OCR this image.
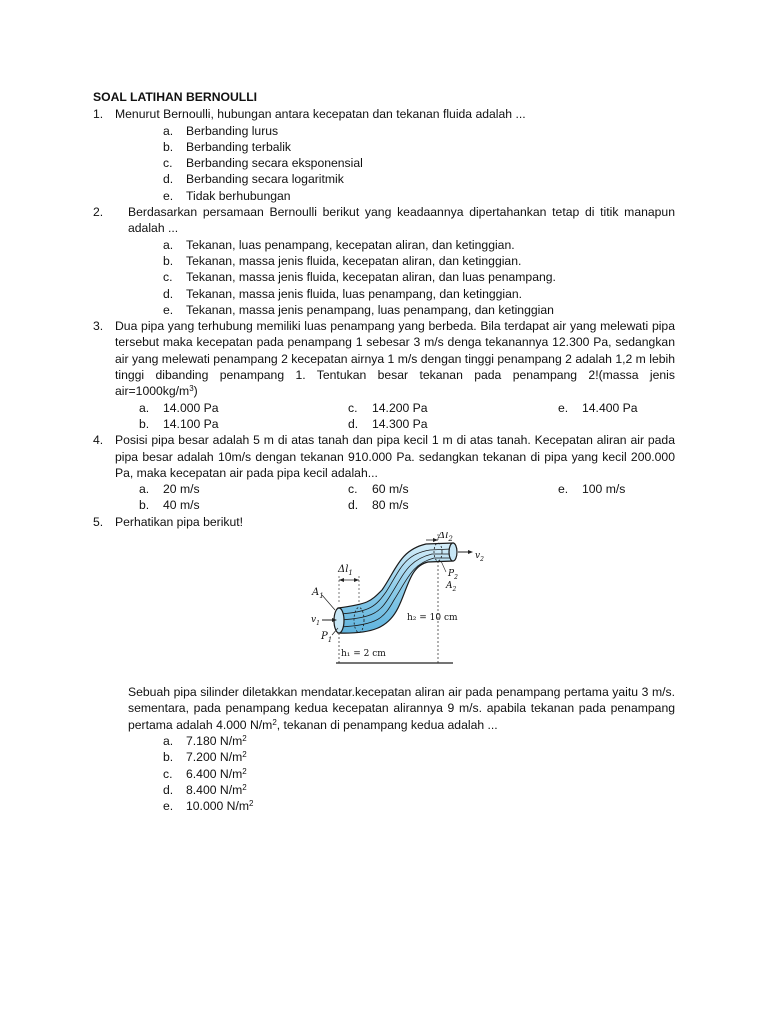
SOAL LATIHAN BERNOULLI
1. Menurut Bernoulli, hubungan antara kecepatan dan tekanan fluida adalah ...
a. Berbanding lurus
b. Berbanding terbalik
c. Berbanding secara eksponensial
d. Berbanding secara logaritmik
e. Tidak berhubungan
2. Berdasarkan persamaan Bernoulli berikut yang keadaannya dipertahankan tetap di titik manapun adalah ...
a. Tekanan, luas penampang, kecepatan aliran, dan ketinggian.
b. Tekanan, massa jenis fluida, kecepatan aliran, dan ketinggian.
c. Tekanan, massa jenis fluida, kecepatan aliran, dan luas penampang.
d. Tekanan, massa jenis fluida, luas penampang, dan ketinggian.
e. Tekanan, massa jenis penampang, luas penampang, dan ketinggian
3. Dua pipa yang terhubung memiliki luas penampang yang berbeda. Bila terdapat air yang melewati pipa tersebut maka kecepatan pada penampang 1 sebesar 3 m/s denga tekanannya 12.300 Pa, sedangkan air yang melewati penampang 2 kecepatan airnya 1 m/s dengan tinggi penampang 2 adalah 1,2 m lebih tinggi dibanding penampang 1. Tentukan besar tekanan pada penampang 2!(massa jenis $air=1000kg/m^3$)
a. 14.000 Pa	c. 14.200 Pa	e. 14.400 Pa
b. 14.100 Pa	d. 14.300 Pa
4. Posisi pipa besar adalah 5 m di atas tanah dan pipa kecil 1 m di atas tanah. Kecepatan aliran air pada pipa besar adalah 10m/s dengan tekanan 910.000 Pa. sedangkan tekanan di pipa yang kecil 200.000 Pa, maka kecepatan air pada pipa kecil adalah...
a. 20 m/s	c. 60 m/s	e. 100 m/s
b. 40 m/s	d. 80 m/s
5. Perhatikan pipa berikut!
$\Delta l_1$
$\Delta l_2$
$A_1$
$v_1$
$P_1$
h₁ = 2 cm
h₂ = 10 cm
$v_2$
$P_2$
$A_2$
Sebuah pipa silinder diletakkan mendatar.kecepatan aliran air pada penampang pertama yaitu 3 m/s. sementara, pada penampang kedua kecepatan alirannya 9 m/s. apabila tekanan pada penampang pertama adalah 4.000 $N/m^2$, tekanan di penampang kedua adalah ...
a. 7.180 $N/m^2$
b. 7.200 $N/m^2$
c. 6.400 $N/m^2$
d. 8.400 $N/m^2$
e. 10.000 $N/m^2$
